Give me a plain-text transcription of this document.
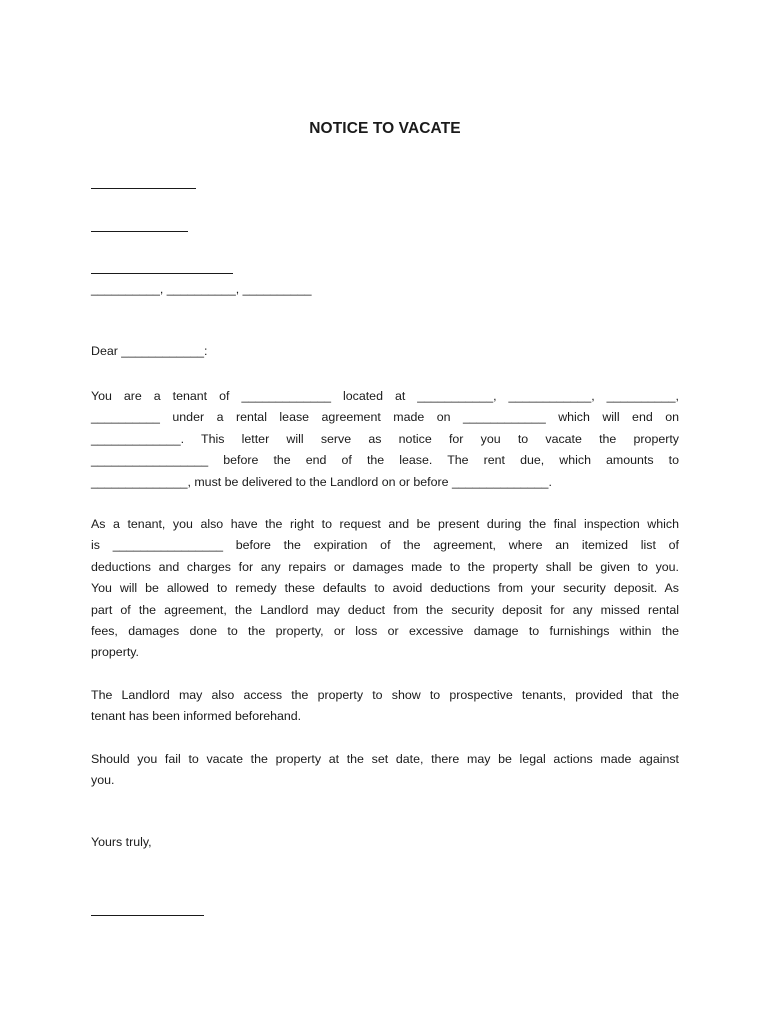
NOTICE TO VACATE
__________, __________, __________
Dear ____________:
You are a tenant of _____________ located at ___________, ____________, __________,
__________ under a rental lease agreement made on ____________ which will end on
_____________. This letter will serve as notice for you to vacate the property
_________________ before the end of the lease. The rent due, which amounts to
______________, must be delivered to the Landlord on or before ______________.
As a tenant, you also have the right to request and be present during the final inspection which
is ________________ before the expiration of the agreement, where an itemized list of
deductions and charges for any repairs or damages made to the property shall be given to you.
You will be allowed to remedy these defaults to avoid deductions from your security deposit. As
part of the agreement, the Landlord may deduct from the security deposit for any missed rental
fees, damages done to the property, or loss or excessive damage to furnishings within the
property.
The Landlord may also access the property to show to prospective tenants, provided that the
tenant has been informed beforehand.
Should you fail to vacate the property at the set date, there may be legal actions made against
you.
Yours truly,
